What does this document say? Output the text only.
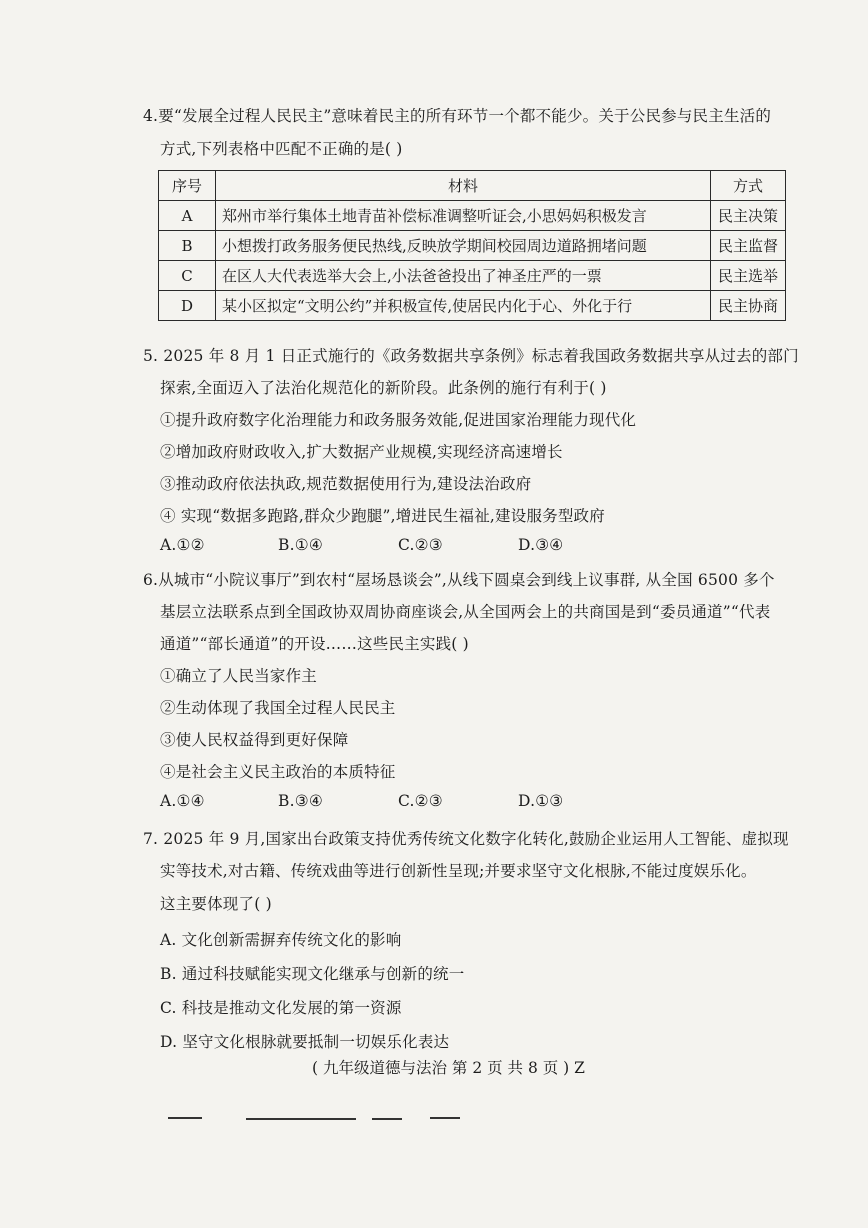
4.要“发展全过程人民民主”意味着民主的所有环节一个都不能少。关于公民参与民主生活的
方式,下列表格中匹配不正确的是( )
序号	材料	方式
A	郑州市举行集体土地青苗补偿标准调整听证会,小思妈妈积极发言	民主决策
B	小想拨打政务服务便民热线,反映放学期间校园周边道路拥堵问题	民主监督
C	在区人大代表选举大会上,小法爸爸投出了神圣庄严的一票	民主选举
D	某小区拟定“文明公约”并积极宣传,使居民内化于心、外化于行	民主协商
5. 2025 年 8 月 1 日正式施行的《政务数据共享条例》标志着我国政务数据共享从过去的部门
探索,全面迈入了法治化规范化的新阶段。此条例的施行有利于( )
①提升政府数字化治理能力和政务服务效能,促进国家治理能力现代化
②增加政府财政收入,扩大数据产业规模,实现经济高速增长
③推动政府依法执政,规范数据使用行为,建设法治政府
④ 实现“数据多跑路,群众少跑腿”,增进民生福祉,建设服务型政府
A.①②	B.①④	C.②③	D.③④
6.从城市“小院议事厅”到农村“屋场恳谈会”,从线下圆桌会到线上议事群, 从全国 6500 多个
基层立法联系点到全国政协双周协商座谈会,从全国两会上的共商国是到“委员通道”“代表
通道”“部长通道”的开设……这些民主实践( )
①确立了人民当家作主
②生动体现了我国全过程人民民主
③使人民权益得到更好保障
④是社会主义民主政治的本质特征
A.①④	B.③④	C.②③	D.①③
7. 2025 年 9 月,国家出台政策支持优秀传统文化数字化转化,鼓励企业运用人工智能、虚拟现
实等技术,对古籍、传统戏曲等进行创新性呈现;并要求坚守文化根脉,不能过度娱乐化。
这主要体现了( )
A. 文化创新需摒弃传统文化的影响
B. 通过科技赋能实现文化继承与创新的统一
C. 科技是推动文化发展的第一资源
D. 坚守文化根脉就要抵制一切娱乐化表达
( 九年级道德与法治 第 2 页 共 8 页 ) Z
